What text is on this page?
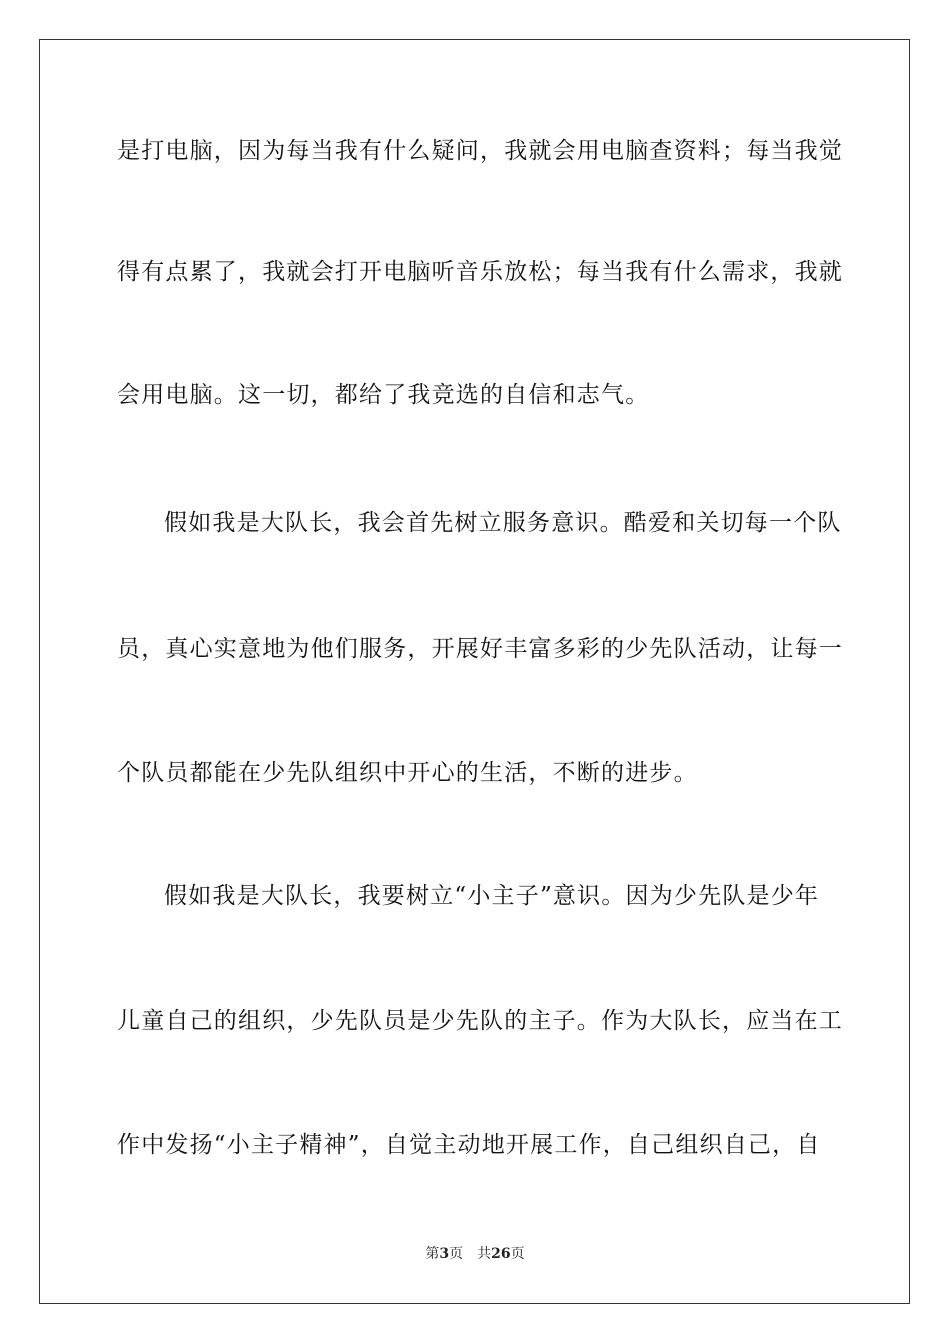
是打电脑，因为每当我有什么疑问，我就会用电脑查资料；每当我觉
得有点累了，我就会打开电脑听音乐放松；每当我有什么需求，我就
会用电脑。这一切，都给了我竞选的自信和志气。
假如我是大队长，我会首先树立服务意识。酷爱和关切每一个队
员，真心实意地为他们服务，开展好丰富多彩的少先队活动，让每一
个队员都能在少先队组织中开心的生活，不断的进步。
假如我是大队长，我要树立“小主子”意识。因为少先队是少年
儿童自己的组织，少先队员是少先队的主子。作为大队长，应当在工
作中发扬“小主子精神”，自觉主动地开展工作，自己组织自己，自
第3页 共26页
